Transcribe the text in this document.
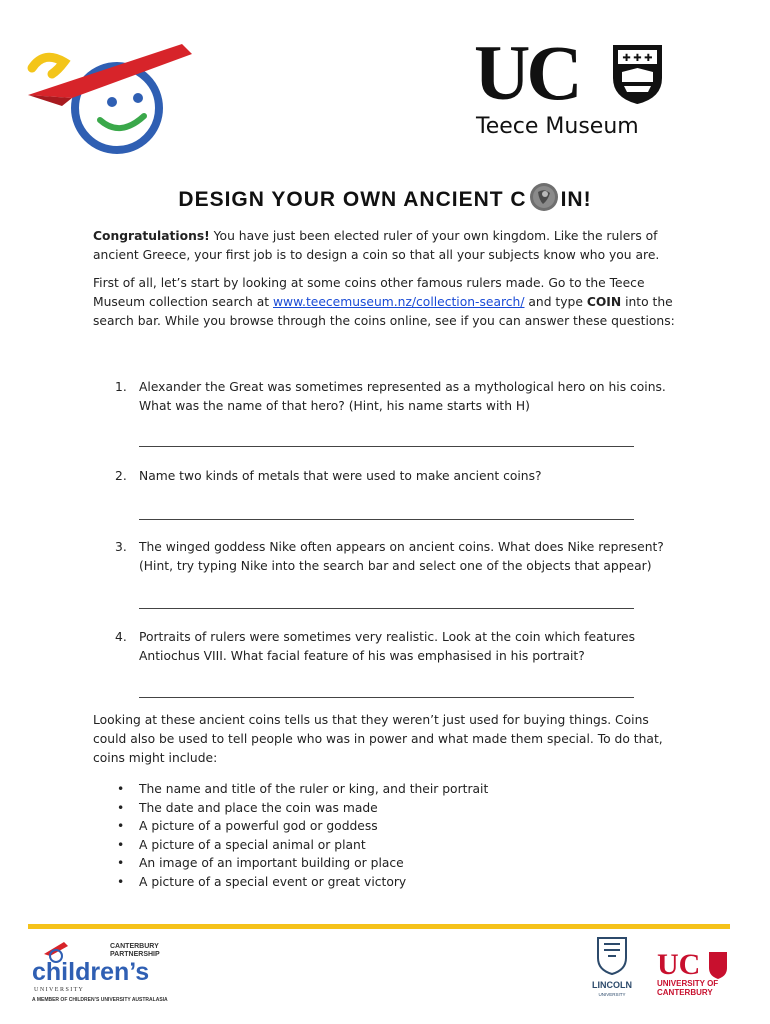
UC	✚ ✚ ✚
Teece Museum
DESIGN YOUR OWN ANCIENT C IN!

Congratulations! You have just been elected ruler of your own kingdom. Like the rulers of ancient Greece, your first job is to design a coin so that all your subjects know who you are.

First of all, let’s start by looking at some coins other famous rulers made. Go to the Teece Museum collection search at www.teecemuseum.nz/collection-search/ and type COIN into the search bar. While you browse through the coins online, see if you can answer these questions:

1. Alexander the Great was sometimes represented as a mythological hero on his coins. What was the name of that hero? (Hint, his name starts with H)
2. Name two kinds of metals that were used to make ancient coins?
3. The winged goddess Nike often appears on ancient coins. What does Nike represent? (Hint, try typing Nike into the search bar and select one of the objects that appear)
4. Portraits of rulers were sometimes very realistic. Look at the coin which features Antiochus VIII. What facial feature of his was emphasised in his portrait?

Looking at these ancient coins tells us that they weren’t just used for buying things. Coins could also be used to tell people who was in power and what made them special. To do that, coins might include:

• The name and title of the ruler or king, and their portrait
• The date and place the coin was made
• A picture of a powerful god or goddess
• A picture of a special animal or plant
• An image of an important building or place
• A picture of a special event or great victory
CANTERBURY
PARTNERSHIP
children’s
U N I V E R S I T Y
A MEMBER OF CHILDREN’S UNIVERSITY AUSTRALASIA
LINCOLN
UNIVERSITY
UC
UNIVERSITY OF
CANTERBURY
